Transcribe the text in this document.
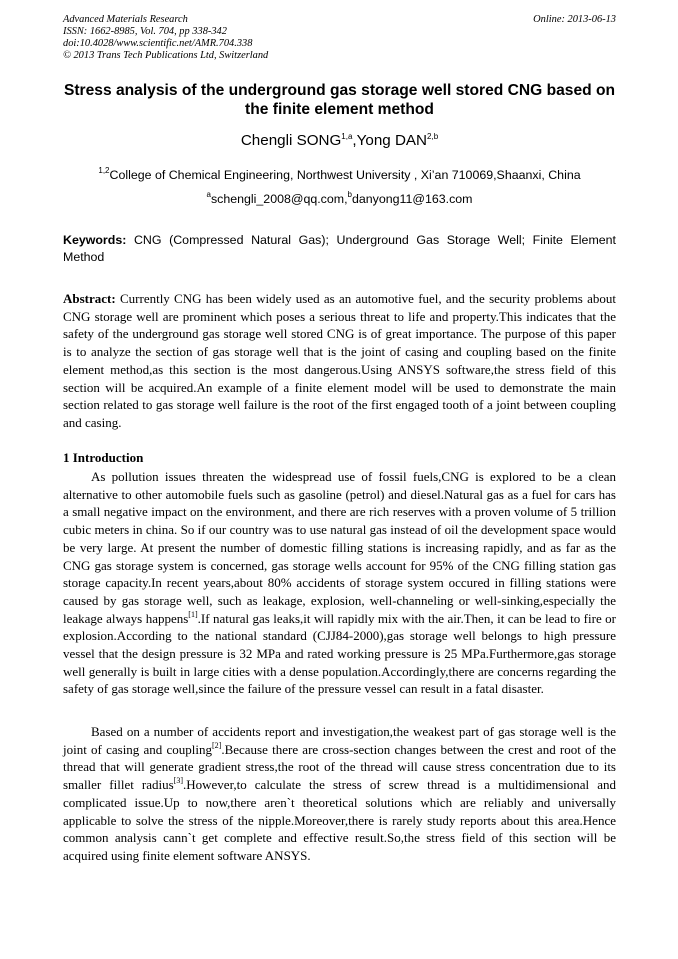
Advanced Materials Research
ISSN: 1662-8985, Vol. 704, pp 338-342
doi:10.4028/www.scientific.net/AMR.704.338
© 2013 Trans Tech Publications Ltd, Switzerland
Online: 2013-06-13
Stress analysis of the underground gas storage well stored CNG based on the finite element method
Chengli SONG$^{1,a}$,Yong DAN$^{2,b}$
$^{1,2}$College of Chemical Engineering, Northwest University , Xi’an 710069,Shaanxi, China
$^a$schengli_2008@qq.com,$^b$danyong11@163.com
Keywords: CNG (Compressed Natural Gas); Underground Gas Storage Well; Finite Element Method
Abstract: Currently CNG has been widely used as an automotive fuel, and the security problems about CNG storage well are prominent which poses a serious threat to life and property.This indicates that the safety of the underground gas storage well stored CNG is of great importance. The purpose of this paper is to analyze the section of gas storage well that is the joint of casing and coupling based on the finite element method,as this section is the most dangerous.Using ANSYS software,the stress field of this section will be acquired.An example of a finite element model will be used to demonstrate the main section related to gas storage well failure is the root of the first engaged tooth of a joint between coupling and casing.
1 Introduction
As pollution issues threaten the widespread use of fossil fuels,CNG is explored to be a clean alternative to other automobile fuels such as gasoline (petrol) and diesel.Natural gas as a fuel for cars has a small negative impact on the environment, and there are rich reserves with a proven volume of 5 trillion cubic meters in china. So if our country was to use natural gas instead of oil the development space would be very large. At present the number of domestic filling stations is increasing rapidly, and as far as the CNG gas storage system is concerned, gas storage wells account for 95% of the CNG filling station gas storage capacity.In recent years,about 80% accidents of storage system occured in filling stations were caused by gas storage well, such as leakage, explosion, well-channeling or well-sinking,especially the leakage always happens[1].If natural gas leaks,it will rapidly mix with the air.Then, it can be lead to fire or explosion.According to the national standard (CJJ84-2000),gas storage well belongs to high pressure vessel that the design pressure is 32 MPa and rated working pressure is 25 MPa.Furthermore,gas storage well generally is built in large cities with a dense population.Accordingly,there are concerns regarding the safety of gas storage well,since the failure of the pressure vessel can result in a fatal disaster.
Based on a number of accidents report and investigation,the weakest part of gas storage well is the joint of casing and coupling[2].Because there are cross-section changes between the crest and root of the thread that will generate gradient stress,the root of the thread will cause stress concentration due to its smaller fillet radius[3].However,to calculate the stress of screw thread is a multidimensional and complicated issue.Up to now,there aren`t theoretical solutions which are reliably and universally applicable to solve the stress of the nipple.Moreover,there is rarely study reports about this area.Hence common analysis cann`t get complete and effective result.So,the stress field of this section will be acquired using finite element software ANSYS.
